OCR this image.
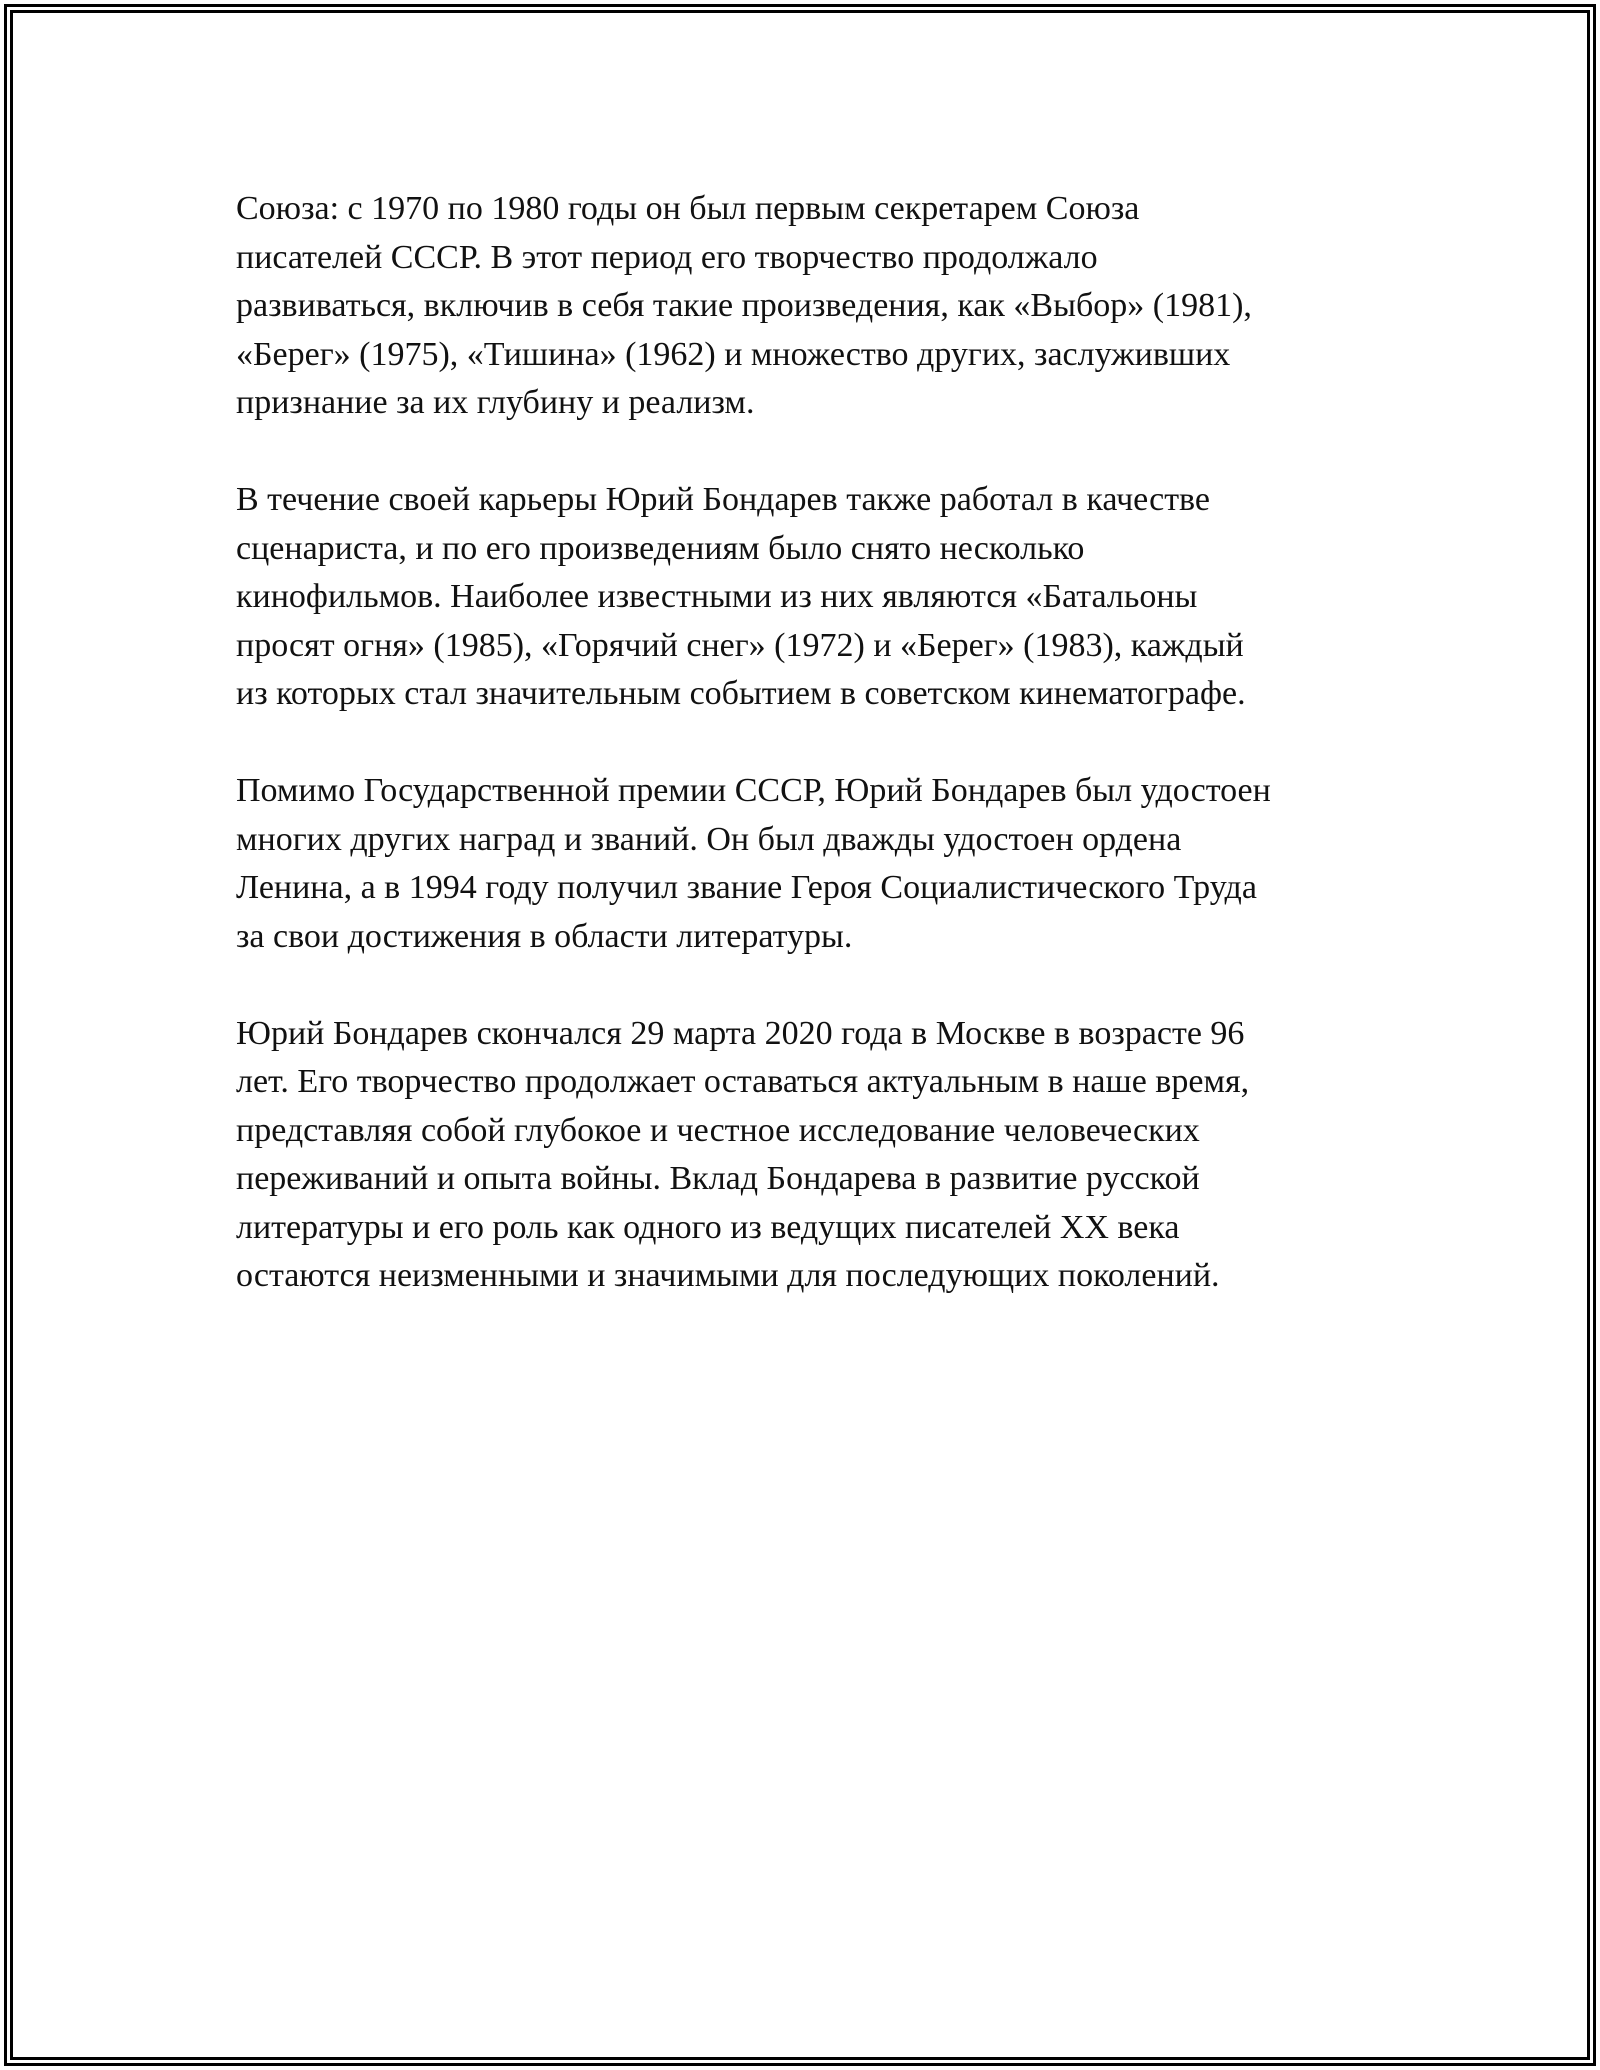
Союза: с 1970 по 1980 годы он был первым секретарем Союза
писателей СССР. В этот период его творчество продолжало
развиваться, включив в себя такие произведения, как «Выбор» (1981),
«Берег» (1975), «Тишина» (1962) и множество других, заслуживших
признание за их глубину и реализм.

В течение своей карьеры Юрий Бондарев также работал в качестве
сценариста, и по его произведениям было снято несколько
кинофильмов. Наиболее известными из них являются «Батальоны
просят огня» (1985), «Горячий снег» (1972) и «Берег» (1983), каждый
из которых стал значительным событием в советском кинематографе.

Помимо Государственной премии СССР, Юрий Бондарев был удостоен
многих других наград и званий. Он был дважды удостоен ордена
Ленина, а в 1994 году получил звание Героя Социалистического Труда
за свои достижения в области литературы.

Юрий Бондарев скончался 29 марта 2020 года в Москве в возрасте 96
лет. Его творчество продолжает оставаться актуальным в наше время,
представляя собой глубокое и честное исследование человеческих
переживаний и опыта войны. Вклад Бондарева в развитие русской
литературы и его роль как одного из ведущих писателей XX века
остаются неизменными и значимыми для последующих поколений.
